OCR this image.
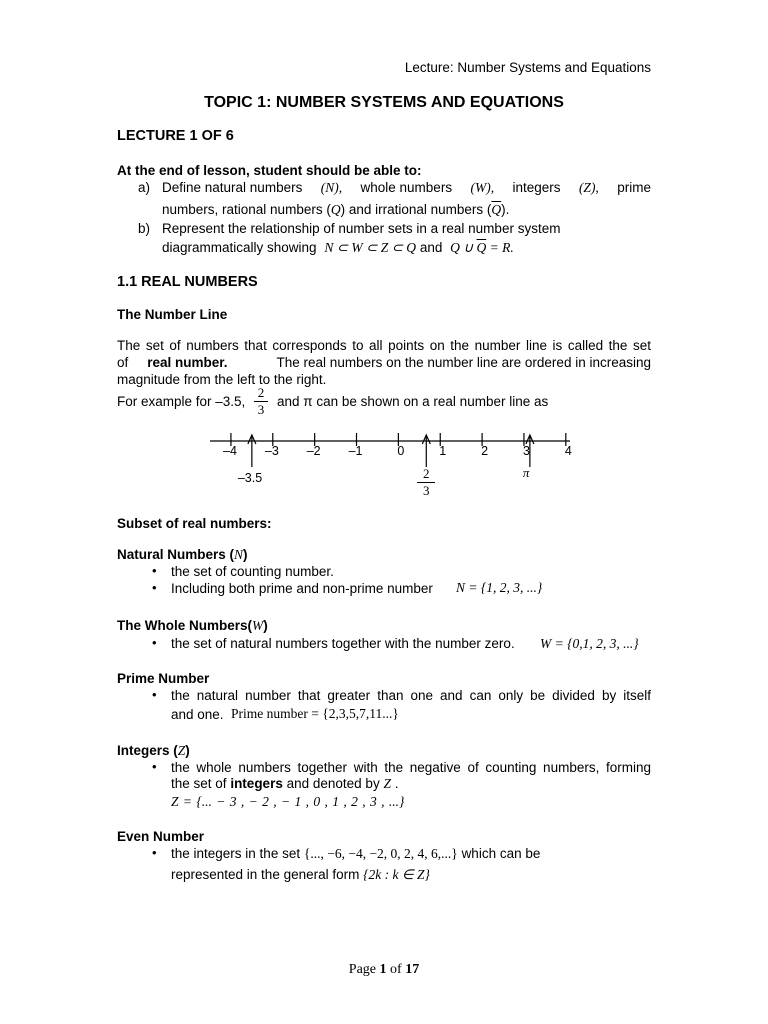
Lecture: Number Systems and Equations
TOPIC 1: NUMBER SYSTEMS AND EQUATIONS
LECTURE 1 OF 6
At the end of lesson, student should be able to:
a) Define natural numbers (N), whole numbers (W), integers (Z), prime
numbers, rational numbers (Q) and irrational numbers $(\overline{Q})$.
b) Represent the relationship of number sets in a real number system
diagrammatically showing N ⊂ W ⊂ Z ⊂ Q and Q ∪ $\overline{Q} = R$.
1.1 REAL NUMBERS
The Number Line
The set of numbers that corresponds to all points on the number line is called the set
of real number.	The real numbers on the number line are ordered in increasing
magnitude from the left to the right.
For example for –3.5,
2
3
and π can be shown on a real number line as
–4	–3	–2	–1	0	1	2	3	4
–3.5	2
3
π
Subset of real numbers:
Natural Numbers (N)
• the set of counting number.
• Including both prime and non-prime number N = {1, 2, 3, ...}
The Whole Numbers(W)
• the set of natural numbers together with the number zero. W = {0,1, 2, 3, ...}
Prime Number
• the natural number that greater than one and can only be divided by itself
and one. Prime number = {2,3,5,7,11...}
Integers (Z)
• the whole numbers together with the negative of counting numbers, forming
the set of integers and denoted by Z .
Z = {... − 3 , − 2 , − 1 , 0 , 1 , 2 , 3 , ...}
Even Number
• the integers in the set {..., −6, −4, −2, 0, 2, 4, 6,...} which can be
represented in the general form {2k : k ∈ Z}
Page 1 of 17
